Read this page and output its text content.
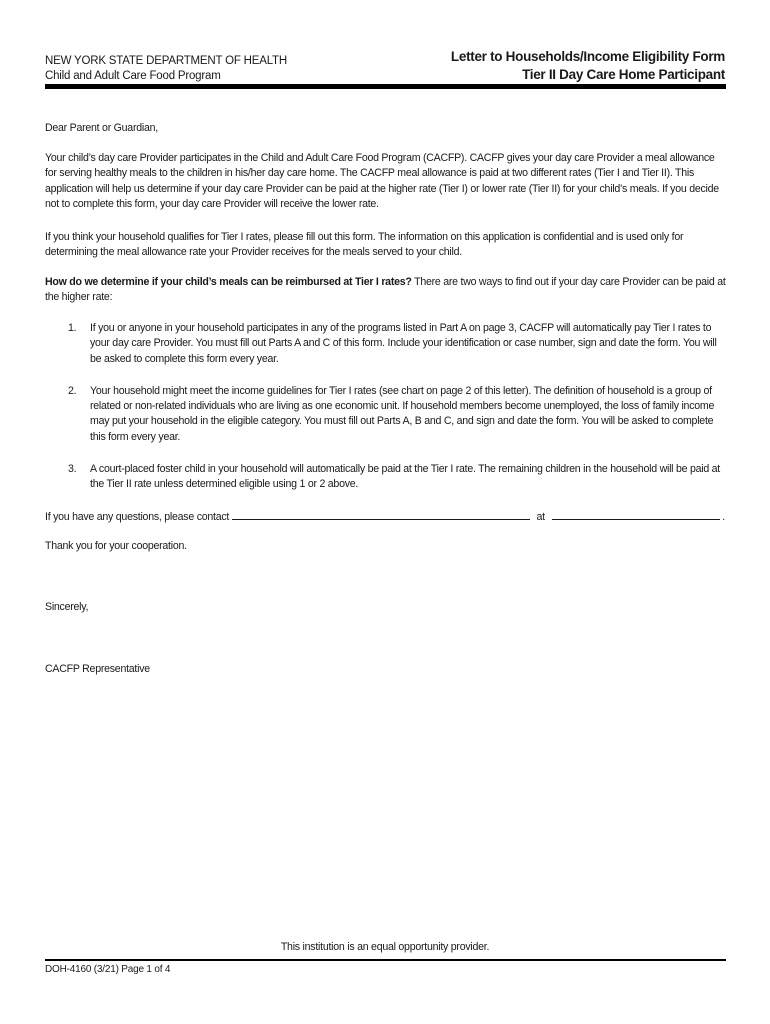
NEW YORK STATE DEPARTMENT OF HEALTH
Child and Adult Care Food Program
Letter to Households/Income Eligibility Form
Tier II Day Care Home Participant

Dear Parent or Guardian,

Your child’s day care Provider participates in the Child and Adult Care Food Program (CACFP). CACFP gives your day care Provider a meal allowance for serving healthy meals to the children in his/her day care home. The CACFP meal allowance is paid at two different rates (Tier I and Tier II). This application will help us determine if your day care Provider can be paid at the higher rate (Tier I) or lower rate (Tier II) for your child’s meals. If you decide not to complete this form, your day care Provider will receive the lower rate.

If you think your household qualifies for Tier I rates, please fill out this form. The information on this application is confidential and is used only for determining the meal allowance rate your Provider receives for the meals served to your child.

How do we determine if your child’s meals can be reimbursed at Tier I rates? There are two ways to find out if your day care Provider can be paid at the higher rate:

1. If you or anyone in your household participates in any of the programs listed in Part A on page 3, CACFP will automatically pay Tier I rates to your day care Provider. You must fill out Parts A and C of this form. Include your identification or case number, sign and date the form. You will be asked to complete this form every year.
2. Your household might meet the income guidelines for Tier I rates (see chart on page 2 of this letter). The definition of household is a group of related or non-related individuals who are living as one economic unit. If household members become unemployed, the loss of family income may put your household in the eligible category. You must fill out Parts A, B and C, and sign and date the form. You will be asked to complete this form every year.
3. A court-placed foster child in your household will automatically be paid at the Tier I rate. The remaining children in the household will be paid at the Tier II rate unless determined eligible using 1 or 2 above.
If you have any questions, please contact	at	.

Thank you for your cooperation.

Sincerely,

CACFP Representative

This institution is an equal opportunity provider.
DOH-4160 (3/21) Page 1 of 4
